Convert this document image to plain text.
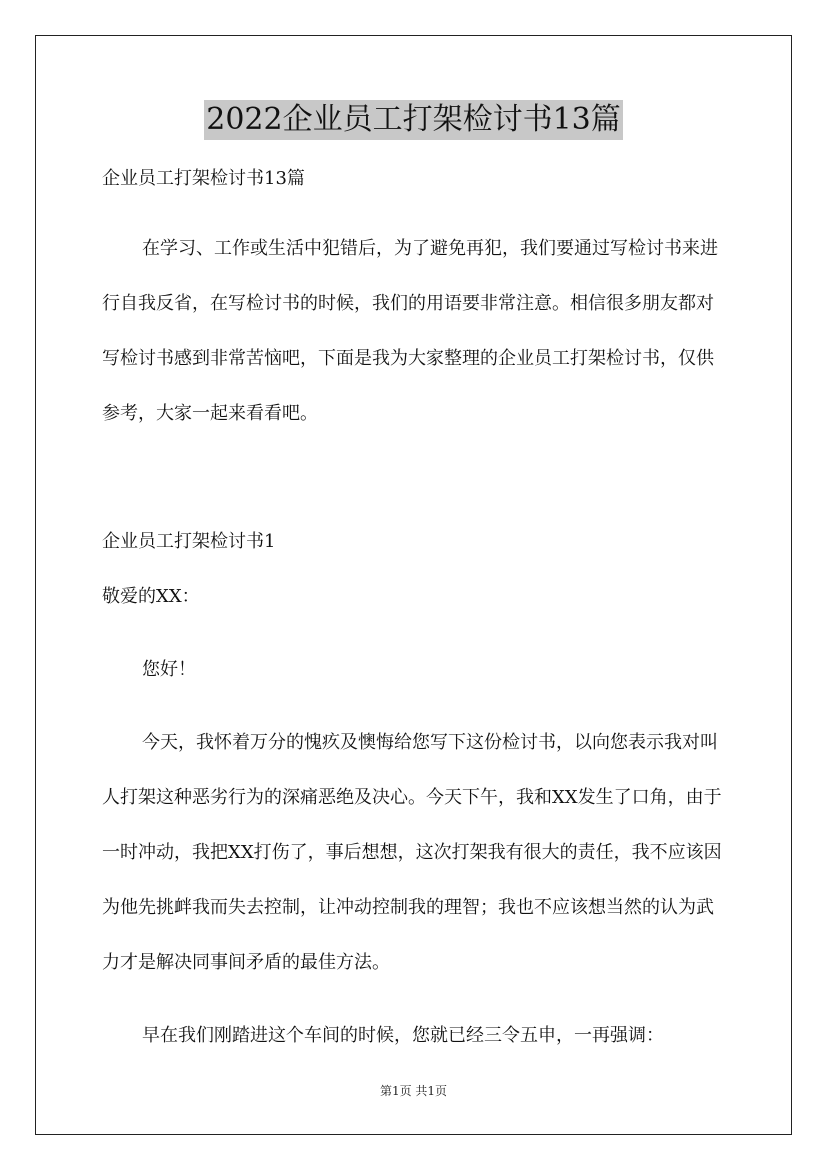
2022企业员工打架检讨书13篇

企业员工打架检讨书13篇

在学习、工作或生活中犯错后，为了避免再犯，我们要通过写检讨书来进行自我反省，在写检讨书的时候，我们的用语要非常注意。相信很多朋友都对写检讨书感到非常苦恼吧，下面是我为大家整理的企业员工打架检讨书，仅供参考，大家一起来看看吧。

企业员工打架检讨书1

敬爱的XX：

您好！

今天，我怀着万分的愧疚及懊悔给您写下这份检讨书，以向您表示我对叫人打架这种恶劣行为的深痛恶绝及决心。今天下午，我和XX发生了口角，由于一时冲动，我把XX打伤了，事后想想，这次打架我有很大的责任，我不应该因为他先挑衅我而失去控制，让冲动控制我的理智；我也不应该想当然的认为武力才是解决同事间矛盾的最佳方法。

早在我们刚踏进这个车间的时候，您就已经三令五申，一再强调：

第1页 共1页
